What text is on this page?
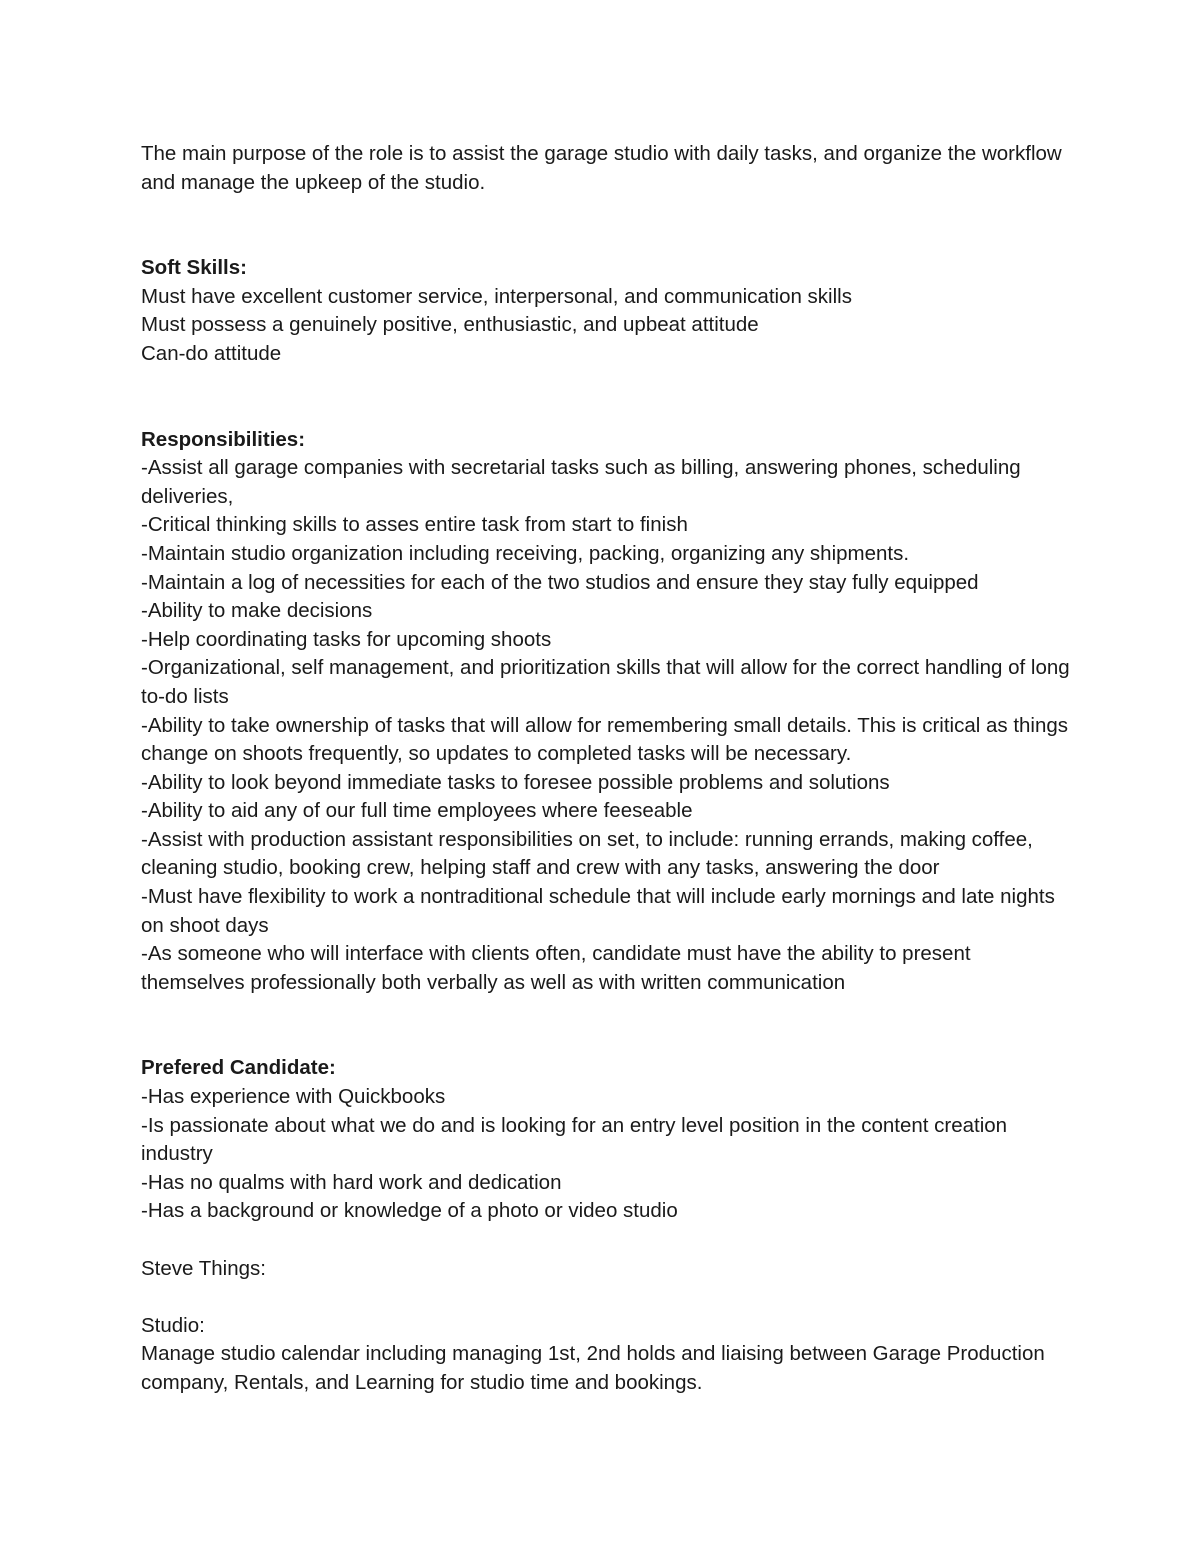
The main purpose of the role is to assist the garage studio with daily tasks, and organize the workflow and manage the upkeep of the studio.

Soft Skills:

Must have excellent customer service, interpersonal, and communication skills

Must possess a genuinely positive, enthusiastic, and upbeat attitude

Can-do attitude

Responsibilities:

-Assist all garage companies with secretarial tasks such as billing, answering phones, scheduling deliveries,

-Critical thinking skills to asses entire task from start to finish

-Maintain studio organization including receiving, packing, organizing any shipments.

-Maintain a log of necessities for each of the two studios and ensure they stay fully equipped

-Ability to make decisions

-Help coordinating tasks for upcoming shoots

-Organizational, self management, and prioritization skills that will allow for the correct handling of long to-do lists

-Ability to take ownership of tasks that will allow for remembering small details. This is critical as things change on shoots frequently, so updates to completed tasks will be necessary.

-Ability to look beyond immediate tasks to foresee possible problems and solutions

-Ability to aid any of our full time employees where feeseable

-Assist with production assistant responsibilities on set, to include: running errands, making coffee, cleaning studio, booking crew, helping staff and crew with any tasks, answering the door

-Must have flexibility to work a nontraditional schedule that will include early mornings and late nights on shoot days

-As someone who will interface with clients often, candidate must have the ability to present themselves professionally both verbally as well as with written communication

Prefered Candidate:

-Has experience with Quickbooks

-Is passionate about what we do and is looking for an entry level position in the content creation industry

-Has no qualms with hard work and dedication

-Has a background or knowledge of a photo or video studio

Steve Things:

Studio:

Manage studio calendar including managing 1st, 2nd holds and liaising between Garage Production company, Rentals, and Learning for studio time and bookings.
